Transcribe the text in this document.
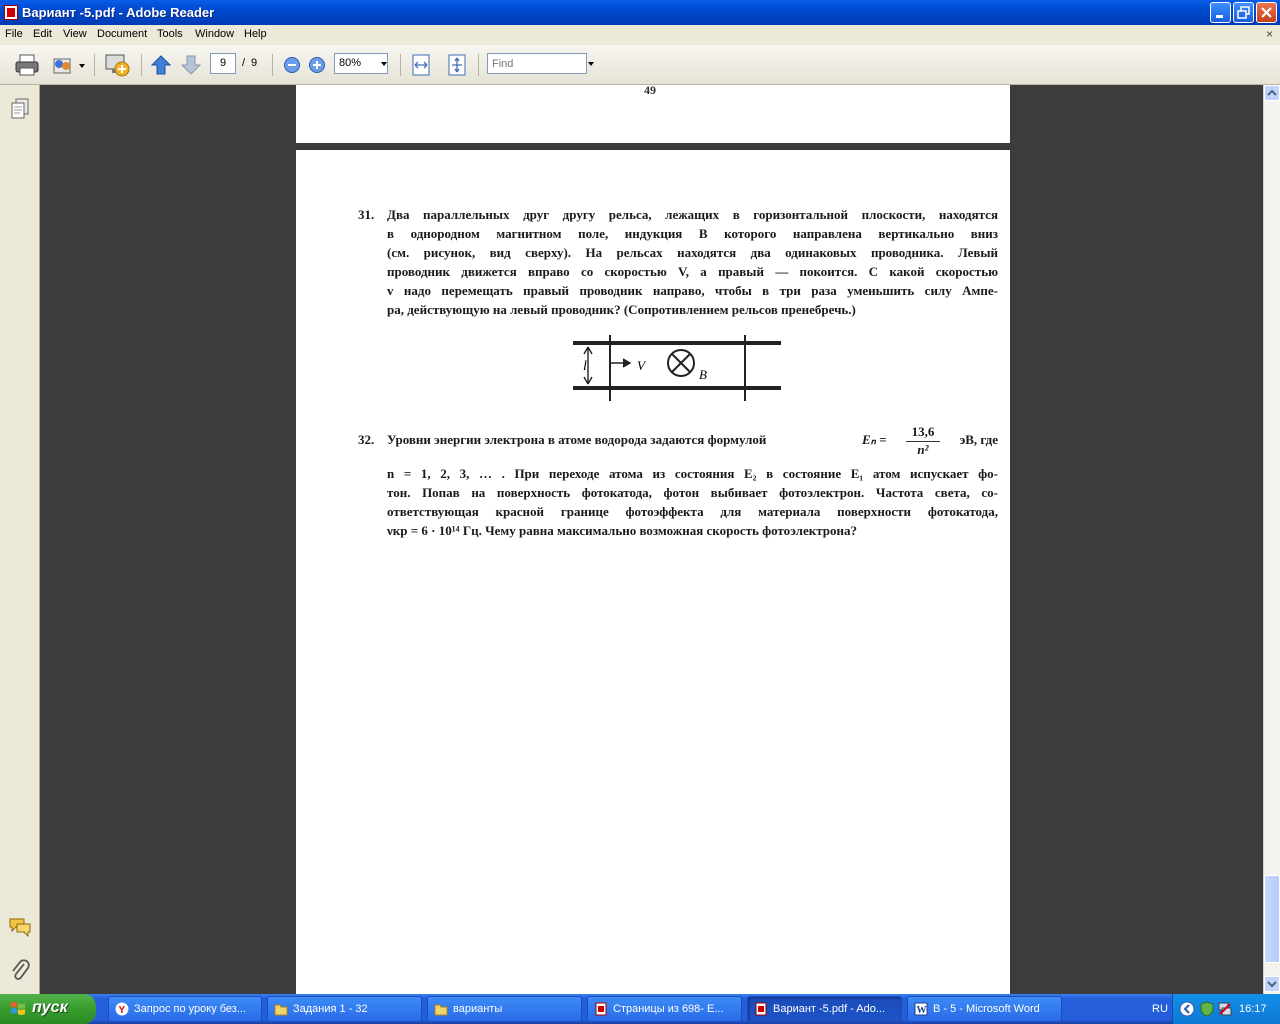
Вариант -5.pdf - Adobe Reader
File Edit View Document Tools Window Help	×
9	/ 9	80%
Find
49
31. Два параллельных друг другу рельса, лежащих в горизонтальной плоскости, находятся

в однородном магнитном поле, индукция B которого направлена вертикально вниз

(см. рисунок, вид сверху). На рельсах находятся два одинаковых проводника. Левый

проводник движется вправо со скоростью V, а правый — покоится. С какой скоростью

v надо перемещать правый проводник направо, чтобы в три раза уменьшить силу Ампе-

ра, действующую на левый проводник? (Сопротивлением рельсов пренебречь.)

l	V
B
32. Уровни энергии электрона в атоме водорода задаются формулой	Eₙ =
13,6
n²
эВ, где

n = 1, 2, 3, … . При переходе атома из состояния E₂ в состояние E₁ атом испускает фо-

тон. Попав на поверхность фотокатода, фотон выбивает фотоэлектрон. Частота света, со-

ответствующая красной границе фотоэффекта для материала поверхности фотокатода,

νкр = 6 · 10¹⁴ Гц. Чему равна максимально возможная скорость фотоэлектрона?

пуск	Y Запрос по уроку без...	Задания 1 - 32	варианты	Страницы из 698- E...	Вариант -5.pdf - Ado...	W B - 5 - Microsoft Word	RU	16:17
